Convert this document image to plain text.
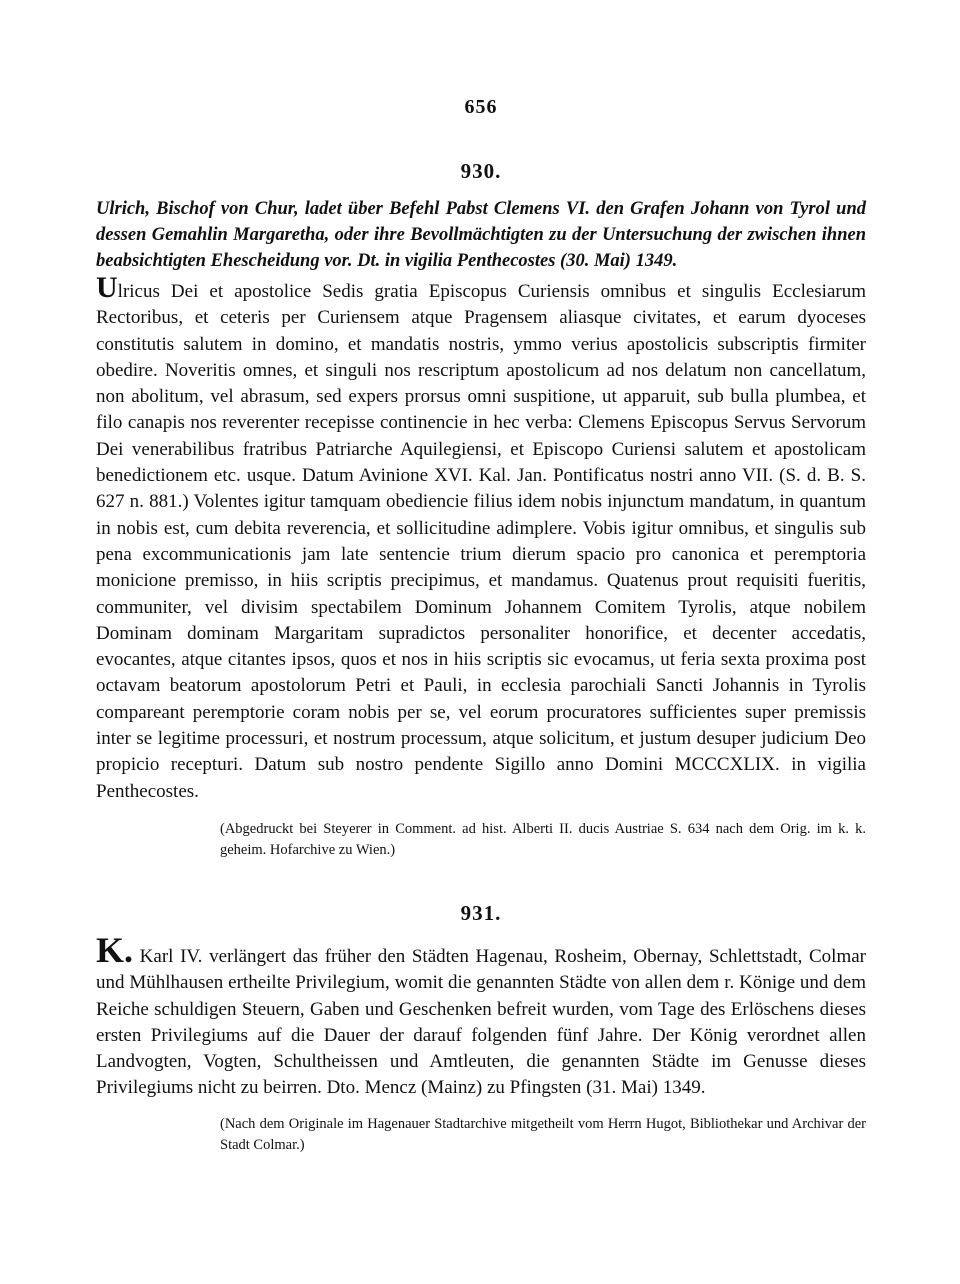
656
930.

Ulrich, Bischof von Chur, ladet über Befehl Pabst Clemens VI. den Grafen Johann von Tyrol und dessen Gemahlin Margaretha, oder ihre Bevollmächtigten zu der Untersuchung der zwischen ihnen beabsichtigten Ehescheidung vor. Dt. in vigilia Penthecostes (30. Mai) 1349.

Ulricus Dei et apostolice Sedis gratia Episcopus Curiensis omnibus et singulis Ecclesiarum Rectoribus, et ceteris per Curiensem atque Pragensem aliasque civitates, et earum dyoceses constitutis salutem in domino, et mandatis nostris, ymmo verius apostolicis subscriptis firmiter obedire. Noveritis omnes, et singuli nos rescriptum apostolicum ad nos delatum non cancellatum, non abolitum, vel abrasum, sed expers prorsus omni suspitione, ut apparuit, sub bulla plumbea, et filo canapis nos reverenter recepisse continencie in hec verba: Clemens Episcopus Servus Servorum Dei venerabilibus fratribus Patriarche Aquilegiensi, et Episcopo Curiensi salutem et apostolicam benedictionem etc. usque. Datum Avinione XVI. Kal. Jan. Pontificatus nostri anno VII. (S. d. B. S. 627 n. 881.) Volentes igitur tamquam obediencie filius idem nobis injunctum mandatum, in quantum in nobis est, cum debita reverencia, et sollicitudine adimplere. Vobis igitur omnibus, et singulis sub pena excommunicationis jam late sentencie trium dierum spacio pro canonica et peremptoria monicione premisso, in hiis scriptis precipimus, et mandamus. Quatenus prout requisiti fueritis, communiter, vel divisim spectabilem Dominum Johannem Comitem Tyrolis, atque nobilem Dominam dominam Margaritam supradictos personaliter honorifice, et decenter accedatis, evocantes, atque citantes ipsos, quos et nos in hiis scriptis sic evocamus, ut feria sexta proxima post octavam beatorum apostolorum Petri et Pauli, in ecclesia parochiali Sancti Johannis in Tyrolis compareant peremptorie coram nobis per se, vel eorum procuratores sufficientes super premissis inter se legitime processuri, et nostrum processum, atque solicitum, et justum desuper judicium Deo propicio recepturi. Datum sub nostro pendente Sigillo anno Domini MCCCXLIX. in vigilia Penthecostes.

(Abgedruckt bei Steyerer in Comment. ad hist. Alberti II. ducis Austriae S. 634 nach dem Orig. im k. k. geheim. Hofarchive zu Wien.)

931.

K. Karl IV. verlängert das früher den Städten Hagenau, Rosheim, Obernay, Schlettstadt, Colmar und Mühlhausen ertheilte Privilegium, womit die genannten Städte von allen dem r. Könige und dem Reiche schuldigen Steuern, Gaben und Geschenken befreit wurden, vom Tage des Erlöschens dieses ersten Privilegiums auf die Dauer der darauf folgenden fünf Jahre. Der König verordnet allen Landvogten, Vogten, Schultheissen und Amtleuten, die genannten Städte im Genusse dieses Privilegiums nicht zu beirren. Dto. Mencz (Mainz) zu Pfingsten (31. Mai) 1349.

(Nach dem Originale im Hagenauer Stadtarchive mitgetheilt vom Herrn Hugot, Bibliothekar und Archivar der Stadt Colmar.)
